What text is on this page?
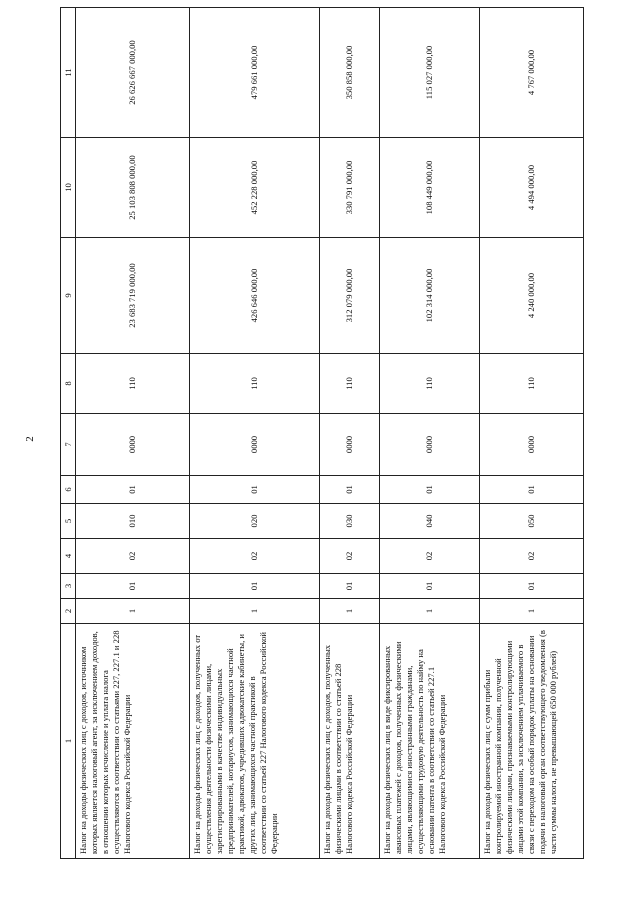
2
1	2	3	4	5	6	7	8	9	10	11
Налог на доходы физических лиц с доходов, источником которых является налоговый агент, за исключением доходов, в отношении которых исчисление и уплата налога осуществляются в соответствии со статьями 227, 227.1 и 228 Налогового кодекса Российской Федерации	1	01	02	010	01	0000	110	23 683 719 000,00	25 103 808 000,00	26 626 667 000,00
Налог на доходы физических лиц с доходов, полученных от осуществления деятельности физическими лицами, зарегистрированными в качестве индивидуальных предпринимателей, нотариусов, занимающихся частной практикой, адвокатов, учредивших адвокатские кабинеты, и других лиц, занимающихся частной практикой в соответствии со статьей 227 Налогового кодекса Российской Федерации	1	01	02	020	01	0000	110	426 646 000,00	452 228 000,00	479 661 000,00
Налог на доходы физических лиц с доходов, полученных физическими лицами в соответствии со статьей 228 Налогового кодекса Российской Федерации	1	01	02	030	01	0000	110	312 079 000,00	330 791 000,00	350 858 000,00
Налог на доходы физических лиц в виде фиксированных авансовых платежей с доходов, полученных физическими лицами, являющимися иностранными гражданами, осуществляющими трудовую деятельность по найму на основании патента в соответствии со статьей 227.1 Налогового кодекса Российской Федерации	1	01	02	040	01	0000	110	102 314 000,00	108 449 000,00	115 027 000,00
Налог на доходы физических лиц с сумм прибыли контролируемой иностранной компании, полученной физическими лицами, признаваемыми контролирующими лицами этой компании, за исключением уплачиваемого в связи с переходом на особый порядок уплаты на основании подачи в налоговый орган соответствующего уведомления (в части суммы налога, не превышающей 650 000 рублей)	1	01	02	050	01	0000	110	4 240 000,00	4 494 000,00	4 767 000,00
